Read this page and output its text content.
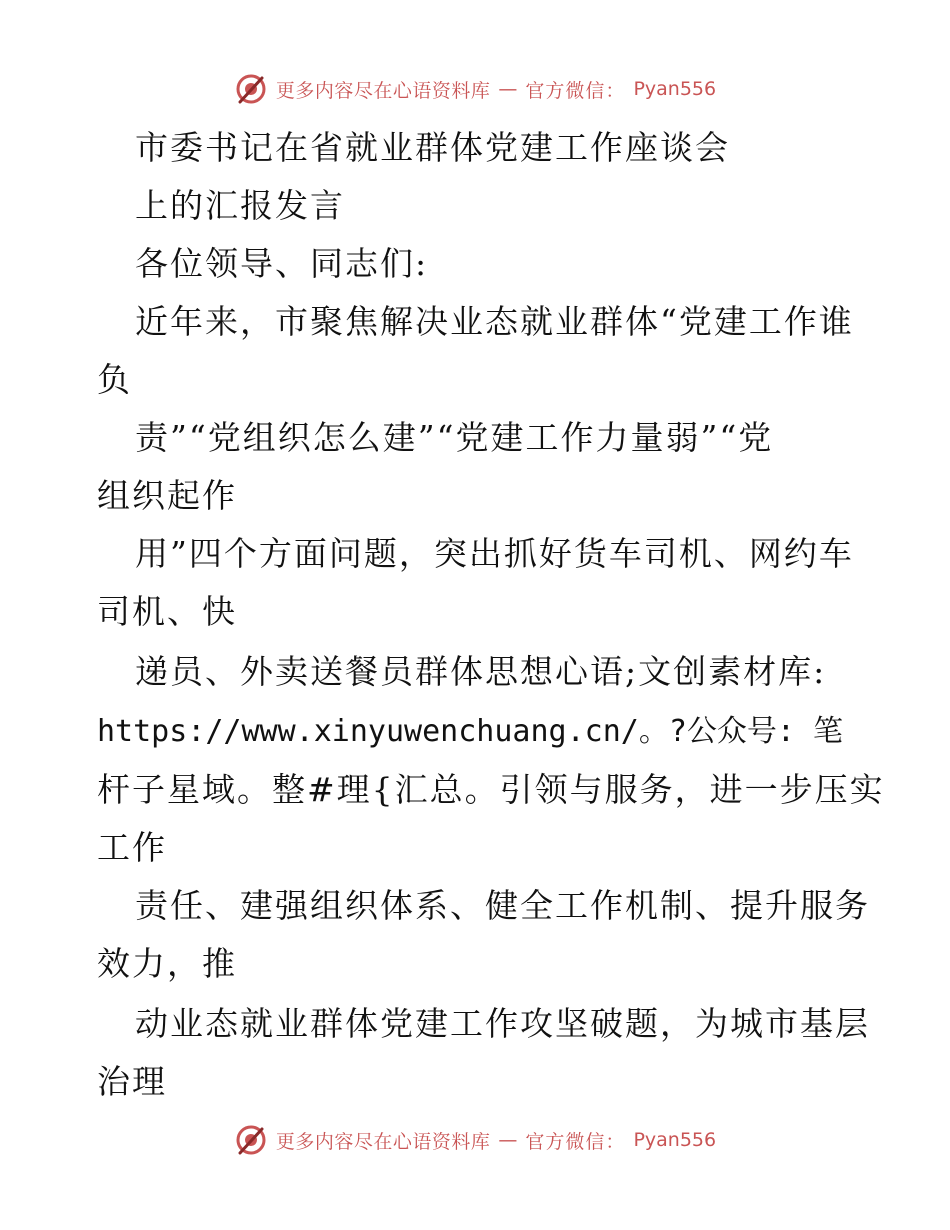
更多内容尽在心语资料库 — 官方微信： Pyan556
市委书记在省就业群体党建工作座谈会
上的汇报发言
各位领导、同志们:
近年来，市聚焦解决业态就业群体“党建工作谁
负
责”“党组织怎么建”“党建工作力量弱”“党
组织起作
用”四个方面问题，突出抓好货车司机、网约车
司机、快
递员、外卖送餐员群体思想心语;文创素材库:
https://www.xinyuwenchuang.cn/。?公众号: 笔
杆子星域。整#理{汇总。引领与服务，进一步压实
工作
责任、建强组织体系、健全工作机制、提升服务
效力，推
动业态就业群体党建工作攻坚破题，为城市基层
治理
更多内容尽在心语资料库 — 官方微信： Pyan556
